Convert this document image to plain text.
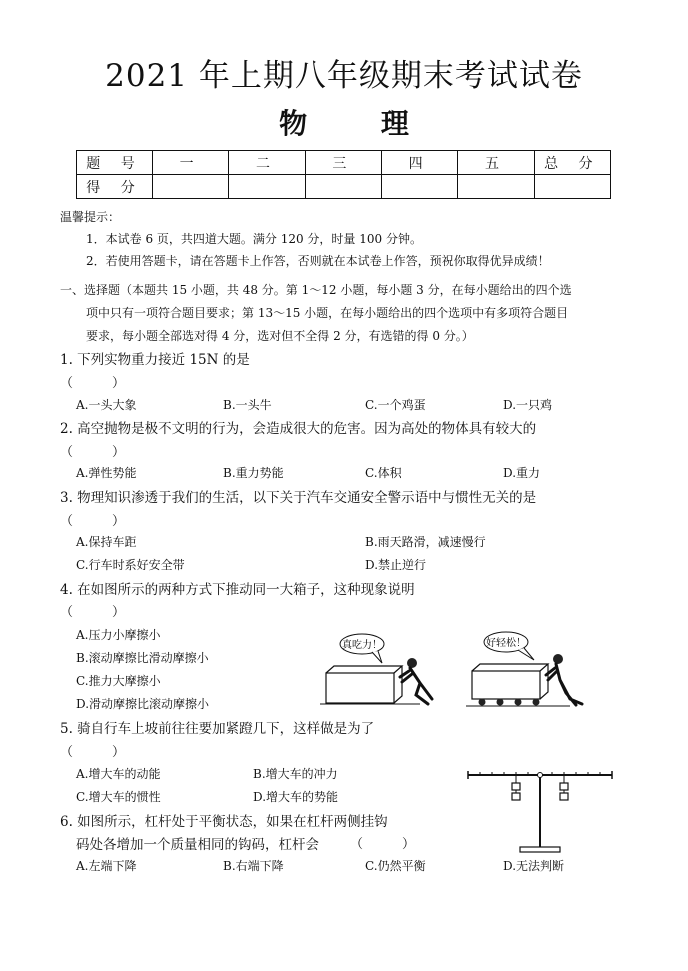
2021 年上期八年级期末考试试卷
物 理
题 号	一	二	三	四	五	总 分
得 分						
温馨提示：
1．本试卷 6 页，共四道大题。满分 120 分，时量 100 分钟。
2．若使用答题卡，请在答题卡上作答，否则就在本试卷上作答，预祝你取得优异成绩！
一、选择题（本题共 15 小题，共 48 分。第 1～12 小题，每小题 3 分，在每小题给出的四个选
项中只有一项符合题目要求；第 13～15 小题，在每小题给出的四个选项中有多项符合题目
要求，每小题全部选对得 4 分，选对但不全得 2 分，有选错的得 0 分。）
1. 下列实物重力接近 15N 的是
（　　　）
A.一头大象	B.一头牛	C.一个鸡蛋	D.一只鸡
2. 高空抛物是极不文明的行为，会造成很大的危害。因为高处的物体具有较大的
（　　　）
A.弹性势能	B.重力势能	C.体积	D.重力
3. 物理知识渗透于我们的生活，以下关于汽车交通安全警示语中与惯性无关的是
（　　　）
A.保持车距	B.雨天路滑，减速慢行
C.行车时系好安全带	D.禁止逆行
4. 在如图所示的两种方式下推动同一大箱子，这种现象说明
（　　　）
A.压力小摩擦小
B.滚动摩擦比滑动摩擦小
C.推力大摩擦小
D.滑动摩擦比滚动摩擦小
真吃力！	好轻松！
5. 骑自行车上坡前往往要加紧蹬几下，这样做是为了
（　　　）
A.增大车的动能	B.增大车的冲力
C.增大车的惯性	D.增大车的势能
6. 如图所示，杠杆处于平衡状态，如果在杠杆两侧挂钩
码处各增加一个质量相同的钩码，杠杆会 （　　　）
A.左端下降	B.右端下降	C.仍然平衡	D.无法判断
